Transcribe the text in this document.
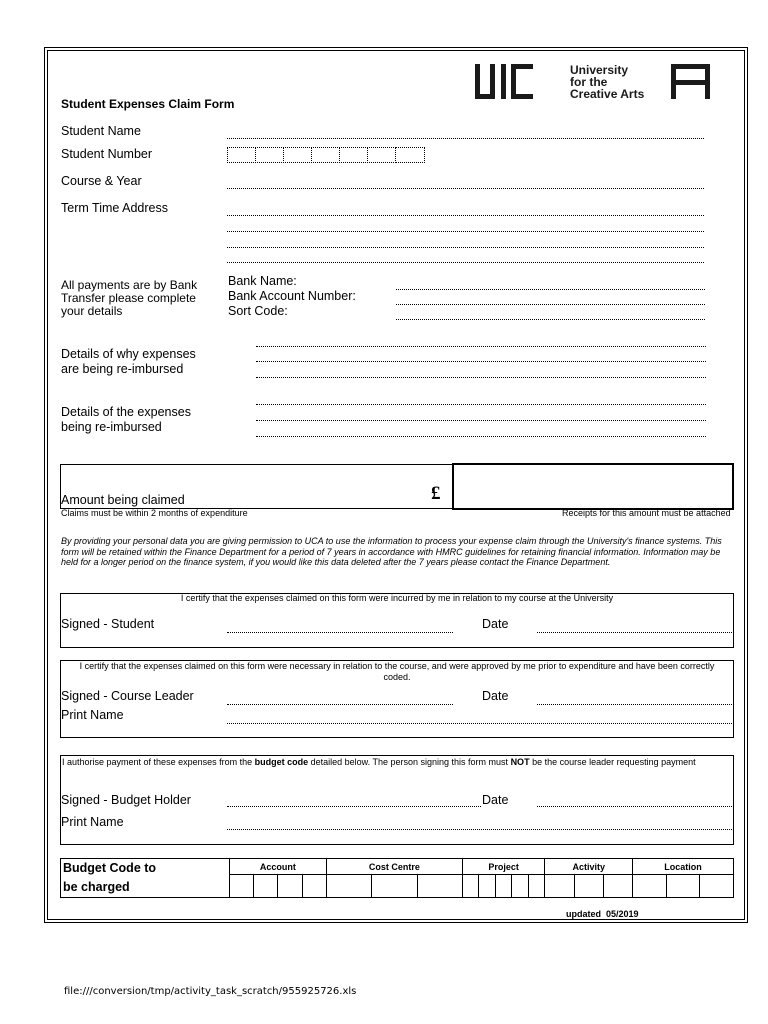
University
for the
Creative Arts
Student Expenses Claim Form
Student Name
Student Number
Course & Year
Term Time Address
All payments are by Bank
Transfer please complete
your details
Bank Name:
Bank Account Number:
Sort Code:
Details of why expenses
are being re-imbursed
Details of the expenses
being re-imbursed
Amount being claimed	£
Claims must be within 2 months of expenditure	Receipts for this amount must be attached
By providing your personal data you are giving permission to UCA to use the information to process your expense claim through the University's finance systems. This form will be retained within the Finance Department for a period of 7 years in accordance with HMRC guidelines for retaining financial information. Information may be held for a longer period on the finance system, if you would like this data deleted after the 7 years please contact the Finance Department.
I certify that the expenses claimed on this form were incurred by me in relation to my course at the University
Signed - Student	Date
I certify that the expenses claimed on this form were necessary in relation to the course, and were approved by me prior to expenditure and have been correctly coded.
Signed - Course Leader	Date
Print Name
I authorise payment of these expenses from the budget code detailed below. The person signing this form must NOT be the course leader requesting payment
Signed - Budget Holder	Date
Print Name
Budget Code to
be charged	Account				Cost Centre			Project					Activity			Location		

updated  05/2019
file:///conversion/tmp/activity_task_scratch/955925726.xls
